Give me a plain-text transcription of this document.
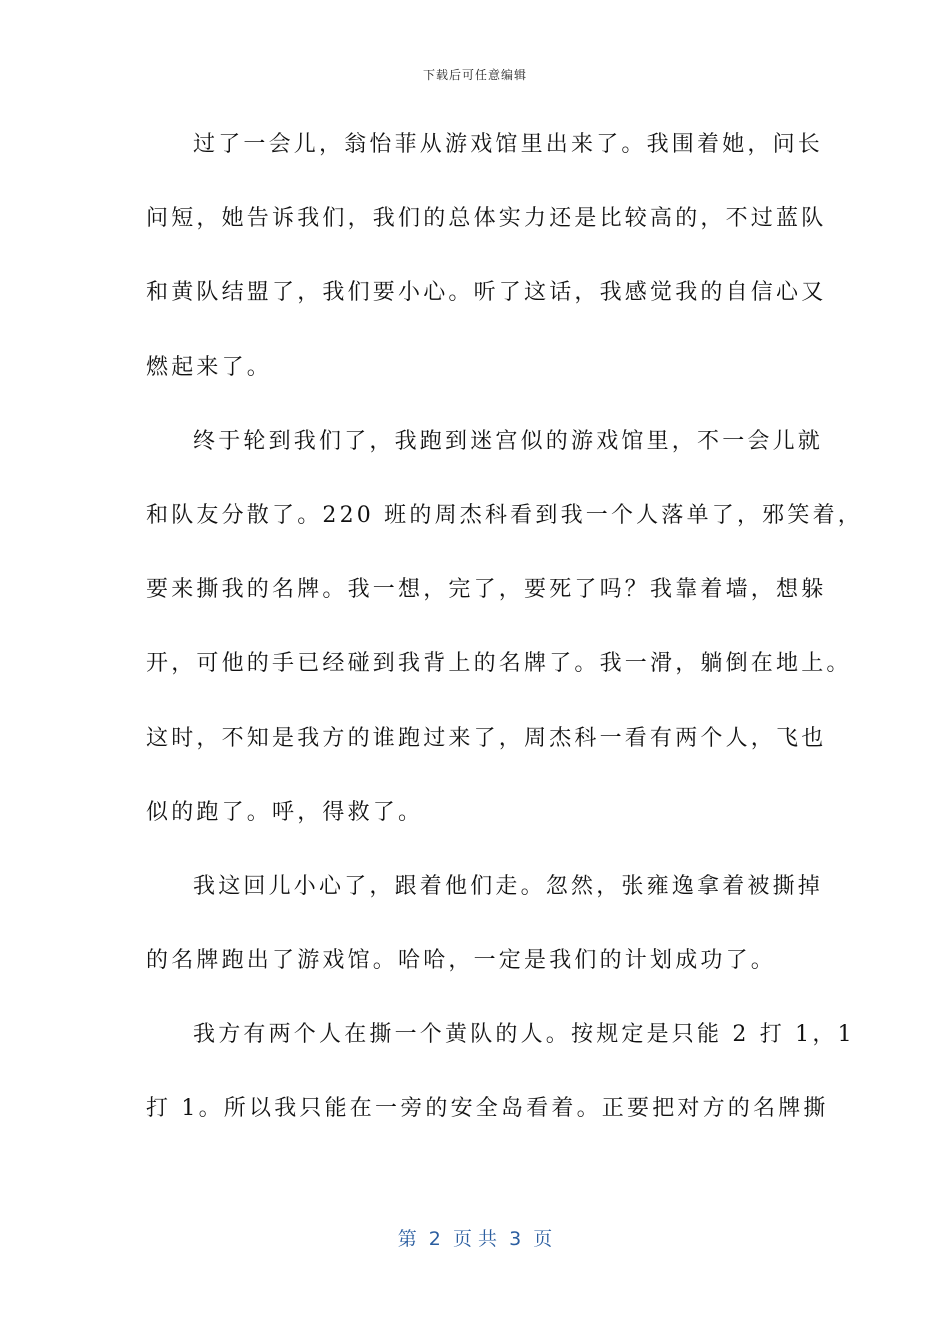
下载后可任意编辑
过了一会儿，翁怡菲从游戏馆里出来了。我围着她，问长
问短，她告诉我们，我们的总体实力还是比较高的，不过蓝队
和黄队结盟了，我们要小心。听了这话，我感觉我的自信心又
燃起来了。
终于轮到我们了，我跑到迷宫似的游戏馆里，不一会儿就
和队友分散了。220 班的周杰科看到我一个人落单了，邪笑着，
要来撕我的名牌。我一想，完了，要死了吗？我靠着墙，想躲
开，可他的手已经碰到我背上的名牌了。我一滑，躺倒在地上。
这时，不知是我方的谁跑过来了，周杰科一看有两个人，飞也
似的跑了。呼，得救了。
我这回儿小心了，跟着他们走。忽然，张雍逸拿着被撕掉
的名牌跑出了游戏馆。哈哈，一定是我们的计划成功了。
我方有两个人在撕一个黄队的人。按规定是只能 2 打 1，1
打 1。所以我只能在一旁的安全岛看着。正要把对方的名牌撕
第  2  页 共  3  页
